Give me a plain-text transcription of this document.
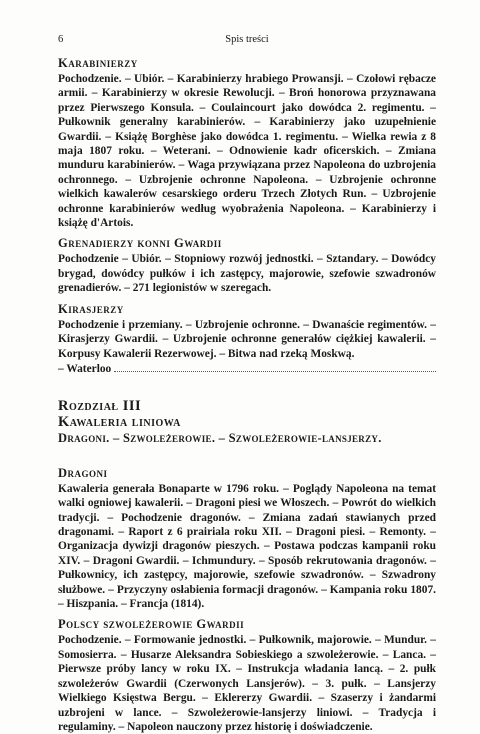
6	Spis treści
Karabinierzy

Pochodzenie. – Ubiór. – Karabinierzy hrabiego Prowansji. – Czołowi rębacze armii. – Karabinierzy w okresie Rewolucji. – Broń honorowa przyznawana przez Pierwszego Konsula. – Coulaincourt jako dowódca 2. regimentu. – Pułkownik generalny karabinierów. – Karabinierzy jako uzupełnienie Gwardii. – Książę Borghèse jako dowódca 1. regimentu. – Wielka rewia z 8 maja 1807 roku. – Weterani. – Odnowienie kadr oficerskich. – Zmiana munduru karabinierów. – Waga przywiązana przez Napoleona do uzbrojenia ochronnego. – Uzbrojenie ochronne Napoleona. – Uzbrojenie ochronne wielkich kawalerów cesarskiego orderu Trzech Złotych Run. – Uzbrojenie ochronne karabinierów według wyobrażenia Napoleona. – Karabinierzy i książę d'Artois.

Grenadierzy konni Gwardii

Pochodzenie – Ubiór. – Stopniowy rozwój jednostki. – Sztandary. – Dowódcy brygad, dowódcy pułków i ich zastępcy, majorowie, szefowie szwadronów grenadierów. – 271 legionistów w szeregach.

Kirasjerzy

Pochodzenie i przemiany. – Uzbrojenie ochronne. – Dwanaście regimentów. – Kirasjerzy Gwardii. – Uzbrojenie ochronne generałów ciężkiej kawalerii. – Korpusy Kawalerii Rezerwowej. – Bitwa nad rzeką Moskwą.

– Waterloo
Rozdział III
Kawaleria liniowa
Dragoni. – Szwoleżerowie. – Szwoleżerowie-lansjerzy.
Dragoni

Kawaleria generała Bonaparte w 1796 roku. – Poglądy Napoleona na temat walki ogniowej kawalerii. – Dragoni piesi we Włoszech. – Powrót do wielkich tradycji. – Pochodzenie dragonów. – Zmiana zadań stawianych przed dragonami. – Raport z 6 prairiala roku XII. – Dragoni piesi. – Remonty. – Organizacja dywizji dragonów pieszych. – Postawa podczas kampanii roku XIV. – Dragoni Gwardii. – Ichmundury. – Sposób rekrutowania dragonów. – Pułkownicy, ich zastępcy, majorowie, szefowie szwadronów. – Szwadrony służbowe. – Przyczyny osłabienia formacji dragonów. – Kampania roku 1807. – Hiszpania. – Francja (1814).

Polscy szwoleżerowie Gwardii

Pochodzenie. – Formowanie jednostki. – Pułkownik, majorowie. – Mundur. – Somosierra. – Husarze Aleksandra Sobieskiego a szwoleżerowie. – Lanca. – Pierwsze próby lancy w roku IX. – Instrukcja władania lancą. – 2. pułk szwoleżerów Gwardii (Czerwonych Lansjerów). – 3. pułk. – Lansjerzy Wielkiego Księstwa Bergu. – Eklererzy Gwardii. – Szaserzy i żandarmi uzbrojeni w lance. – Szwoleżerowie-lansjerzy liniowi. – Tradycja i regulaminy. – Napoleon nauczony przez historię i doświadczenie.
